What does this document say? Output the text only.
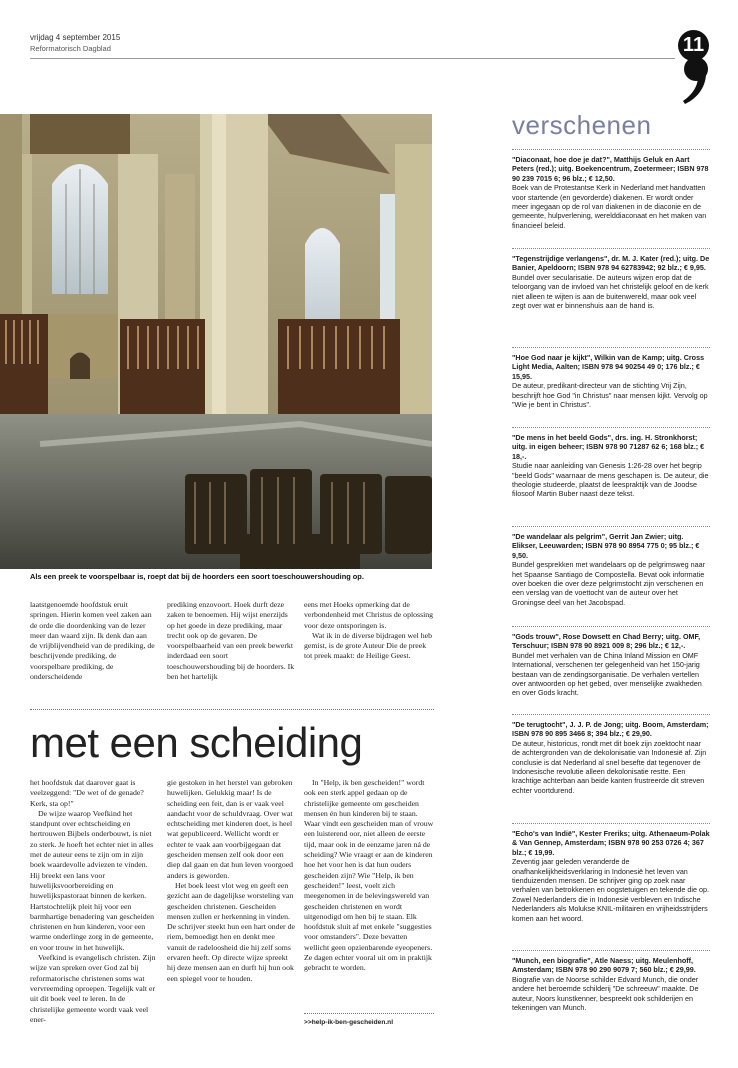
vrijdag 4 september 2015
Reformatorisch Dagblad	11
Als een preek te voorspelbaar is, roept dat bij de hoorders een soort toeschouwershouding op.

laatstgenoemde hoofdstuk eruit springen. Hierin komen veel zaken aan de orde die doordenking van de lezer meer dan waard zijn. Ik denk dan aan de vrijblijvendheid van de prediking, de beschrijvende prediking, de voorspelbare prediking, de onderscheidende

prediking enzovoort. Hoek durft deze zaken te benoemen. Hij wijst enerzijds op het goede in deze prediking, maar trecht ook op de gevaren. De voorspelbaarheid van een preek bewerkt inderdaad een soort toeschouwershouding bij de hoorders. Ik ben het hartelijk

eens met Hoeks opmerking dat de verbondenheid met Christus de oplossing voor deze ontsporingen is.

Wat ik in de diverse bijdragen wel heb gemist, is de grote Auteur Die de preek tot preek maakt: de Heilige Geest.

met een scheiding

het hoofdstuk dat daarover gaat is veelzeggend: "De wet of de genade? Kerk, sta op!"

De wijze waarop Veefkind het standpunt over echtscheiding en hertrouwen Bijbels onderbouwt, is niet zo sterk. Je hoeft het echter niet in alles met de auteur eens te zijn om in zijn boek waardevolle adviezen te vinden. Hij breekt een lans voor huwelijksvoorbereiding en huwelijkspastoraat binnen de kerken. Hartstochtelijk pleit hij voor een barmhartige benadering van gescheiden christenen en hun kinderen, voor een warme onderlinge zorg in de gemeente, en voor trouw in het huwelijk.

Veefkind is evangelisch christen. Zijn wijze van spreken over God zal bij reformatorische christenen soms wat vervreemding oproepen. Tegelijk valt er uit dit boek veel te leren. In de christelijke gemeente wordt vaak veel ener-

gie gestoken in het herstel van gebroken huwelijken. Gelukkig maar! Is de scheiding een feit, dan is er vaak veel aandacht voor de schuldvraag. Over wat echtscheiding met kinderen doet, is heel wat gepubliceerd. Wellicht wordt er echter te vaak aan voorbijgegaan dat gescheiden mensen zelf ook door een diep dal gaan en dat hun leven voorgoed anders is geworden.

Het boek leest vlot weg en geeft een gezicht aan de dagelijkse worsteling van gescheiden christenen. Gescheiden mensen zullen er herkenning in vinden. De schrijver steekt hun een hart onder de riem, bemoedigt hen en denkt mee vanuit de radeloosheid die hij zelf soms ervaren heeft. Op directe wijze spreekt hij deze mensen aan en durft hij hun ook een spiegel voor te houden.

In "Help, ik ben gescheiden!" wordt ook een sterk appel gedaan op de christelijke gemeente om gescheiden mensen én hun kinderen bij te staan. Waar vindt een gescheiden man of vrouw een luisterend oor, niet alleen de eerste tijd, maar ook in de eenzame jaren ná de scheiding? Wie vraagt er aan de kinderen hoe het voor hen is dat hun ouders gescheiden zijn? Wie "Help, ik ben gescheiden!" leest, voelt zich meegenomen in de belevingswereld van gescheiden christenen en wordt uitgenodigd om hen bij te staan. Elk hoofdstuk sluit af met enkele "suggesties voor omstanders". Deze bevatten wellicht geen opzienbarende eyeopeners. Ze dagen echter vooral uit om in praktijk gebracht te worden.

>>help-ik-ben-gescheiden.nl
verschenen
"Diaconaat, hoe doe je dat?", Matthijs Geluk en Aart Peters (red.); uitg. Boekencentrum, Zoetermeer; ISBN 978 90 239 7015 6; 96 blz.; € 12,50.
Boek van de Protestantse Kerk in Nederland met handvatten voor startende (en gevorderde) diakenen. Er wordt onder meer ingegaan op de rol van diakenen in de diaconie en de gemeente, hulpverlening, werelddiaconaat en het maken van financieel beleid.
"Tegenstrijdige verlangens", dr. M. J. Kater (red.); uitg. De Banier, Apeldoorn; ISBN 978 94 62783942; 92 blz.; € 9,95.
Bundel over secularisatie. De auteurs wijzen erop dat de teloorgang van de invloed van het christelijk geloof en de kerk niet alleen te wijten is aan de buitenwereld, maar ook veel zegt over wat er binnenshuis aan de hand is.
"Hoe God naar je kijkt", Wilkin van de Kamp; uitg. Cross Light Media, Aalten; ISBN 978 94 90254 49 0; 176 blz.; € 15,95.
De auteur, predikant-directeur van de stichting Vrij Zijn, beschrijft hoe God "in Christus" naar mensen kijkt. Vervolg op "Wie je bent in Christus".
"De mens in het beeld Gods", drs. ing. H. Stronkhorst; uitg. in eigen beheer; ISBN 978 90 71287 62 6; 168 blz.; € 18,-.
Studie naar aanleiding van Genesis 1:26-28 over het begrip "beeld Gods" waarnaar de mens geschapen is. De auteur, die theologie studeerde, plaatst de leespraktijk van de Joodse filosoof Martin Buber naast deze tekst.
"De wandelaar als pelgrim", Gerrit Jan Zwier; uitg. Elikser, Leeuwarden; ISBN 978 90 8954 775 0; 95 blz.; € 9,50.
Bundel gesprekken met wandelaars op de pelgrimsweg naar het Spaanse Santiago de Compostella. Bevat ook informatie over boeken die over deze pelgrimstocht zijn verschenen en een verslag van de voettocht van de auteur over het Groningse deel van het Jacobspad.
"Gods trouw", Rose Dowsett en Chad Berry; uitg. OMF, Terschuur; ISBN 978 90 8921 009 8; 296 blz.; € 12,-.
Bundel met verhalen van de China Inland Mission en OMF International, verschenen ter gelegenheid van het 150-jarig bestaan van de zendingsorganisatie. De verhalen vertellen over antwoorden op het gebed, over menselijke zwakheden en over Gods kracht.
"De terugtocht", J. J. P. de Jong; uitg. Boom, Amsterdam; ISBN 978 90 895 3466 8; 394 blz.; € 29,90.
De auteur, historicus, rondt met dit boek zijn zoektocht naar de achtergronden van de dekolonisatie van Indonesië af. Zijn conclusie is dat Nederland al snel besefte dat tegenover de Indonesische revolutie alleen dekolonisatie restte. Een krachtige achterban aan beide kanten frustreerde dit streven echter voortdurend.
"Echo's van Indië", Kester Freriks; uitg. Athenaeum-Polak & Van Gennep, Amsterdam; ISBN 978 90 253 0726 4; 367 blz.; € 19,99.
Zeventig jaar geleden veranderde de onafhankelijkheidsverklaring in Indonesië het leven van tienduizenden mensen. De schrijver ging op zoek naar verhalen van betrokkenen en oogstetuigen en tekende die op. Zowel Nederlanders die in Indonesië verbleven en Indische Nederlanders als Molukse KNIL-militairen en vrijheidsstrijders komen aan het woord.
"Munch, een biografie", Atle Naess; uitg. Meulenhoff, Amsterdam; ISBN 978 90 290 9079 7; 560 blz.; € 29,99.
Biografie van de Noorse schilder Edvard Munch, die onder andere het beroemde schilderij "De schreeuw" maakte. De auteur, Noors kunstkenner, bespreekt ook schilderijen en tekeningen van Munch.
